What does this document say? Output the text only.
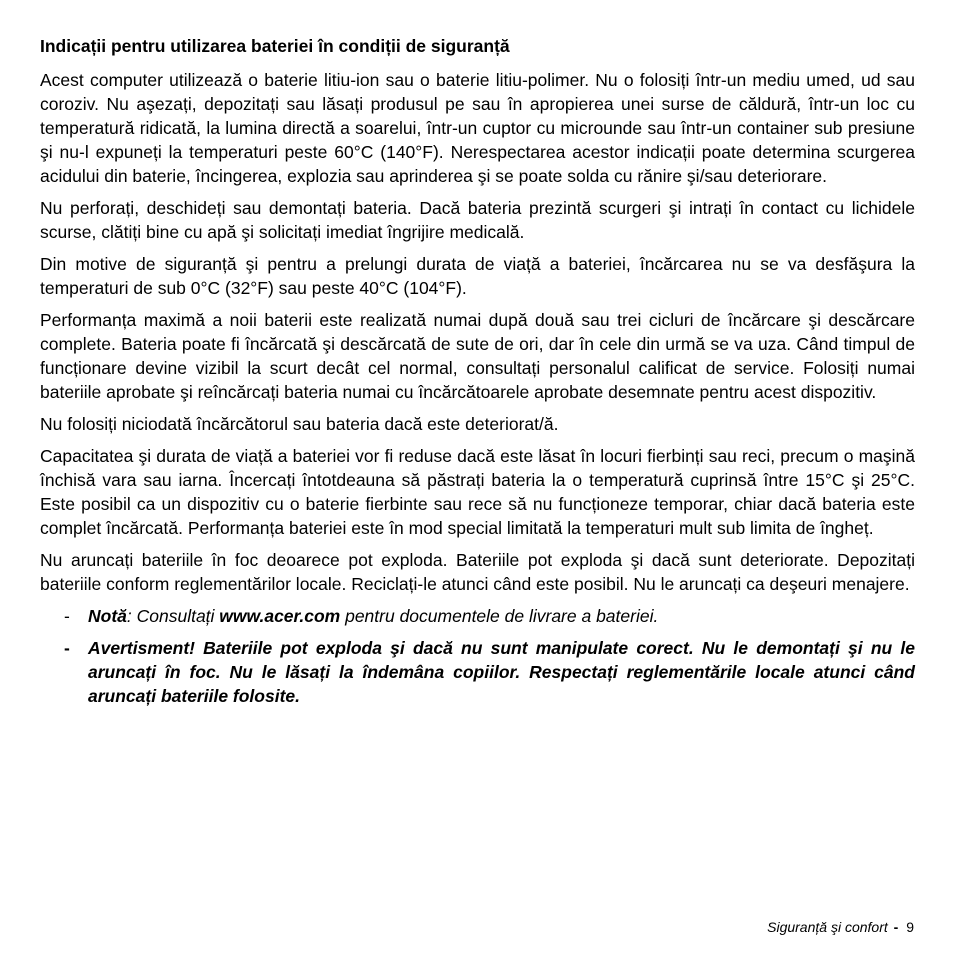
Indicații pentru utilizarea bateriei în condiții de siguranță

Acest computer utilizează o baterie litiu-ion sau o baterie litiu-polimer. Nu o folosiți într-un mediu umed, ud sau coroziv. Nu aşezați, depozitați sau lăsați produsul pe sau în apropierea unei surse de căldură, într-un loc cu temperatură ridicată, la lumina directă a soarelui, într-un cuptor cu microunde sau într-un container sub presiune şi nu-l expuneți la temperaturi peste 60°C (140°F). Nerespectarea acestor indicații poate determina scurgerea acidului din baterie, încingerea, explozia sau aprinderea şi se poate solda cu rănire şi/sau deteriorare.

Nu perforați, deschideți sau demontați bateria. Dacă bateria prezintă scurgeri şi intrați în contact cu lichidele scurse, clătiți bine cu apă şi solicitați imediat îngrijire medicală.

Din motive de siguranță şi pentru a prelungi durata de viață a bateriei, încărcarea nu se va desfăşura la temperaturi de sub 0°C (32°F) sau peste 40°C (104°F).

Performanța maximă a noii baterii este realizată numai după două sau trei cicluri de încărcare şi descărcare complete. Bateria poate fi încărcată şi descărcată de sute de ori, dar în cele din urmă se va uza. Când timpul de funcționare devine vizibil la scurt decât cel normal, consultați personalul calificat de service. Folosiți numai bateriile aprobate şi reîncărcați bateria numai cu încărcătoarele aprobate desemnate pentru acest dispozitiv.

Nu folosiți niciodată încărcătorul sau bateria dacă este deteriorat/ă.

Capacitatea şi durata de viață a bateriei vor fi reduse dacă este lăsat în locuri fierbinți sau reci, precum o maşină închisă vara sau iarna. Încercați întotdeauna să păstrați bateria la o temperatură cuprinsă între 15°C şi 25°C. Este posibil ca un dispozitiv cu o baterie fierbinte sau rece să nu funcționeze temporar, chiar dacă bateria este complet încărcată. Performanța bateriei este în mod special limitată la temperaturi mult sub limita de îngheț.

Nu aruncați bateriile în foc deoarece pot exploda. Bateriile pot exploda şi dacă sunt deteriorate. Depozitați bateriile conform reglementărilor locale. Reciclați-le atunci când este posibil. Nu le aruncați ca deşeuri menajere.

-	Notă: Consultați www.acer.com pentru documentele de livrare a bateriei.
-	Avertisment! Bateriile pot exploda şi dacă nu sunt manipulate corect. Nu le demontați şi nu le aruncați în foc. Nu le lăsați la îndemâna copiilor. Respectați reglementările locale atunci când aruncați bateriile folosite.
Siguranță şi confort - 9
